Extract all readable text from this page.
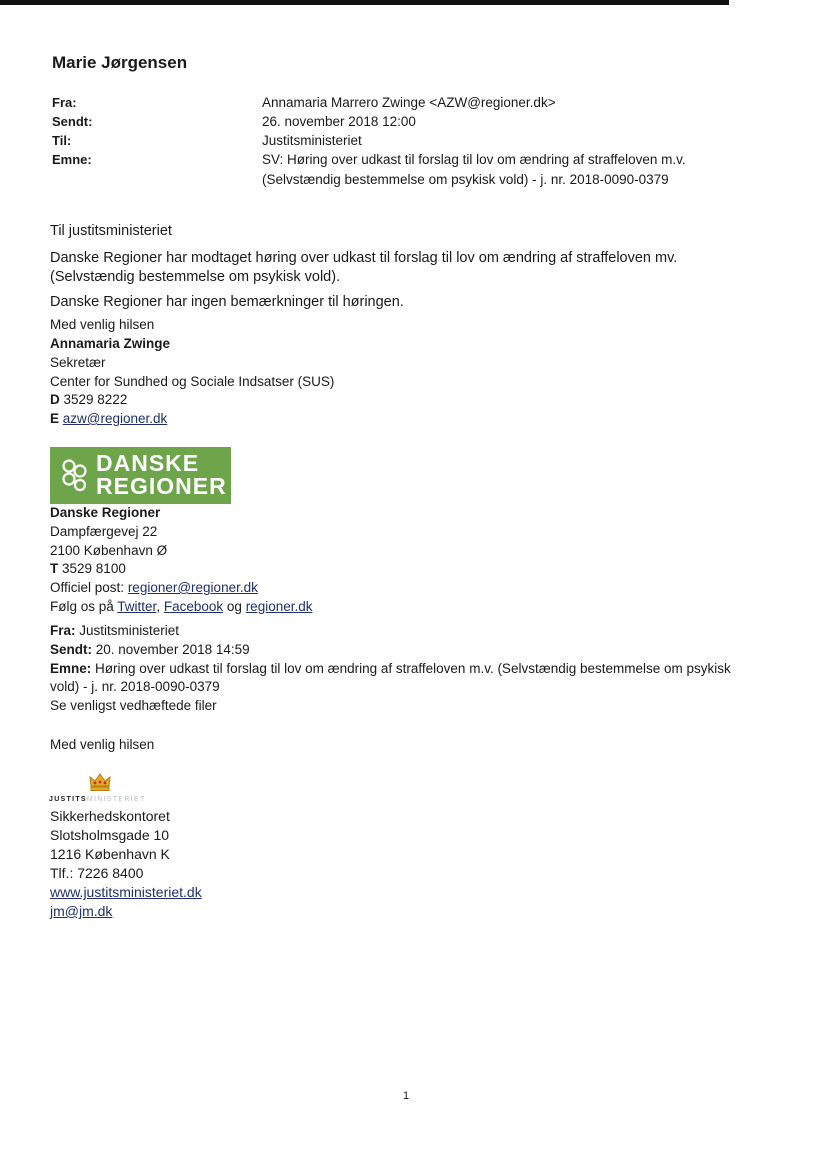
Marie Jørgensen
Fra:	Annamaria Marrero Zwinge <AZW@regioner.dk>
Sendt:	26. november 2018 12:00
Til:	Justitsministeriet
Emne:	SV: Høring over udkast til forslag til lov om ændring af straffeloven m.v.
(Selvstændig bestemmelse om psykisk vold) - j. nr. 2018-0090-0379
Til justitsministeriet
Danske Regioner har modtaget høring over udkast til forslag til lov om ændring af straffeloven mv.
(Selvstændig bestemmelse om psykisk vold).
Danske Regioner har ingen bemærkninger til høringen.
Med venlig hilsen
Annamaria Zwinge
Sekretær
Center for Sundhed og Sociale Indsatser (SUS)
D 3529 8222
E azw@regioner.dk
DANSKE
REGIONER
Danske Regioner
Dampfærgevej 22
2100 København Ø
T 3529 8100
Officiel post: regioner@regioner.dk
Følg os på Twitter, Facebook og regioner.dk
Fra: Justitsministeriet
Sendt: 20. november 2018 14:59
Emne: Høring over udkast til forslag til lov om ændring af straffeloven m.v. (Selvstændig bestemmelse om psykisk
vold) - j. nr. 2018-0090-0379
Se venligst vedhæftede filer
Med venlig hilsen
JUSTITSMINISTERIET
Sikkerhedskontoret
Slotsholmsgade 10
1216 København K
Tlf.: 7226 8400
www.justitsministeriet.dk
jm@jm.dk
1
